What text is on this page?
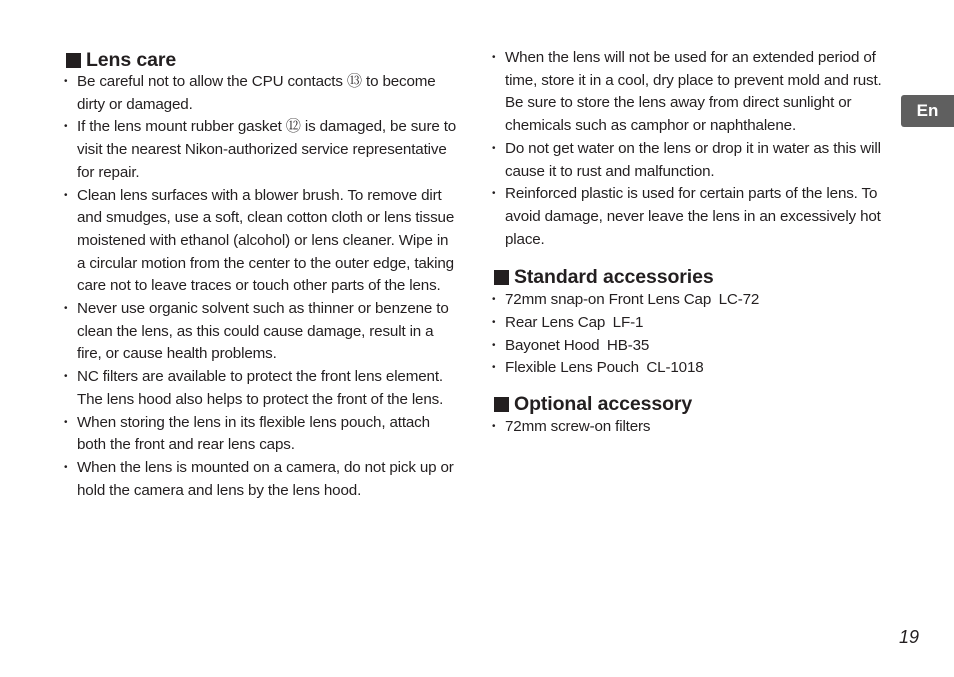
Lens care
• Be careful not to allow the CPU contacts ⑬ to become dirty or damaged.
• If the lens mount rubber gasket ⑫ is damaged, be sure to visit the nearest Nikon-authorized service representative for repair.
• Clean lens surfaces with a blower brush. To remove dirt and smudges, use a soft, clean cotton cloth or lens tissue moistened with ethanol (alcohol) or lens cleaner. Wipe in a circular motion from the center to the outer edge, taking care not to leave traces or touch other parts of the lens.
• Never use organic solvent such as thinner or benzene to clean the lens, as this could cause damage, result in a fire, or cause health problems.
• NC filters are available to protect the front lens element. The lens hood also helps to protect the front of the lens.
• When storing the lens in its flexible lens pouch, attach both the front and rear lens caps.
• When the lens is mounted on a camera, do not pick up or hold the camera and lens by the lens hood.
• When the lens will not be used for an extended period of time, store it in a cool, dry place to prevent mold and rust. Be sure to store the lens away from direct sunlight or chemicals such as camphor or naphthalene.
• Do not get water on the lens or drop it in water as this will cause it to rust and malfunction.
• Reinforced plastic is used for certain parts of the lens. To avoid damage, never leave the lens in an excessively hot place.
Standard accessories
• 72mm snap-on Front Lens Cap LC-72
• Rear Lens Cap LF-1
• Bayonet Hood HB-35
• Flexible Lens Pouch CL-1018
Optional accessory
• 72mm screw-on filters
En
19
